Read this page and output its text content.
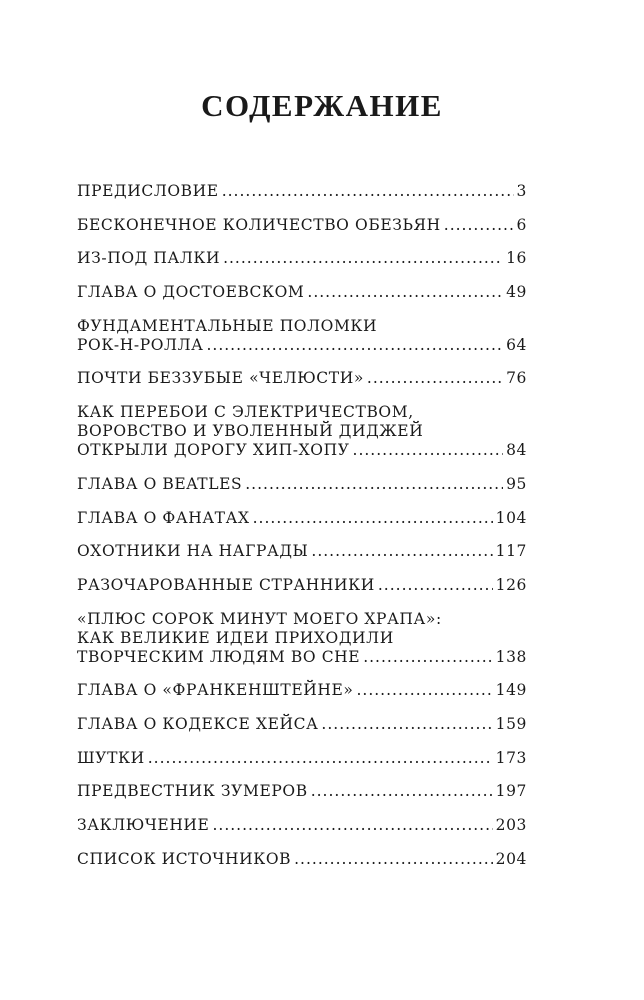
СОДЕРЖАНИЕ
ПРЕДИСЛОВИЕ .....	3
БЕСКОНЕЧНОЕ КОЛИЧЕСТВО ОБЕЗЬЯН .....	6
ИЗ-ПОД ПАЛКИ .....	16
ГЛАВА О ДОСТОЕВСКОМ .....	49
ФУНДАМЕНТАЛЬНЫЕ ПОЛОМКИ
РОК-Н-РОЛЛА .....	64
ПОЧТИ БЕЗЗУБЫЕ «ЧЕЛЮСТИ» .....	76
КАК ПЕРЕБОИ С ЭЛЕКТРИЧЕСТВОМ,
ВОРОВСТВО И УВОЛЕННЫЙ ДИДЖЕЙ
ОТКРЫЛИ ДОРОГУ ХИП-ХОПУ .....	84
ГЛАВА О BEATLES .....	95
ГЛАВА О ФАНАТАХ .....	104
ОХОТНИКИ НА НАГРАДЫ .....	117
РАЗОЧАРОВАННЫЕ СТРАННИКИ .....	126
«ПЛЮС СОРОК МИНУТ МОЕГО ХРАПА»:
КАК ВЕЛИКИЕ ИДЕИ ПРИХОДИЛИ
ТВОРЧЕСКИМ ЛЮДЯМ ВО СНЕ .....	138
ГЛАВА О «ФРАНКЕНШТЕЙНЕ» .....	149
ГЛАВА О КОДЕКСЕ ХЕЙСА .....	159
ШУТКИ .....	173
ПРЕДВЕСТНИК ЗУМЕРОВ .....	197
ЗАКЛЮЧЕНИЕ .....	203
СПИСОК ИСТОЧНИКОВ .....	204
